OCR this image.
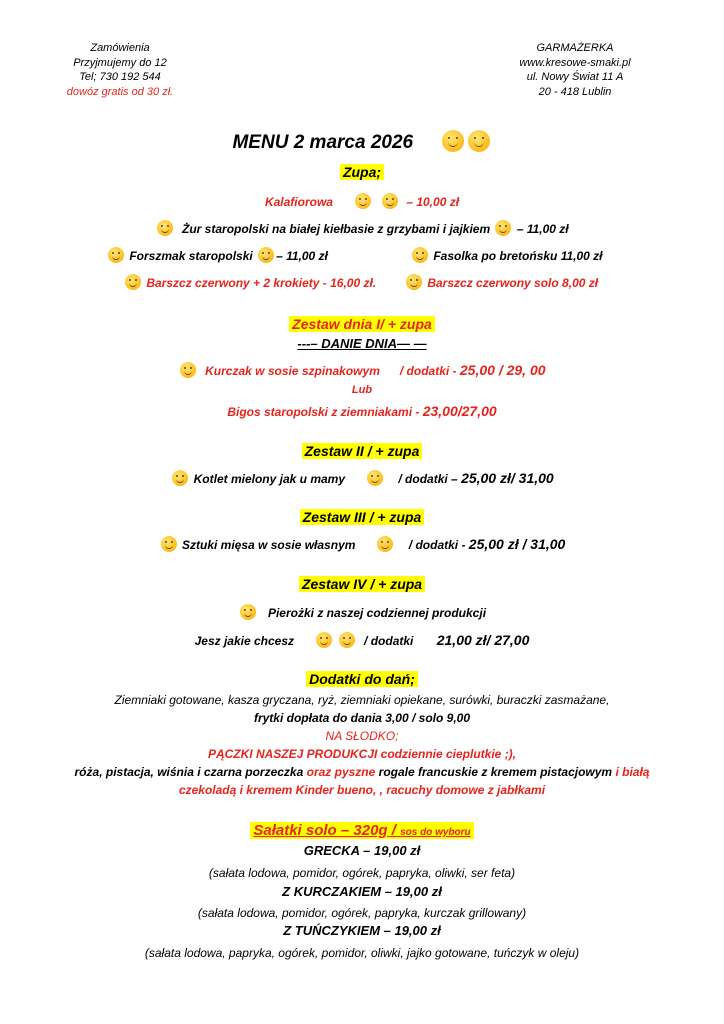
Zamówienia
Przyjmujemy do 12
Tel; 730 192 544
dowóz gratis od 30 zł.
GARMAŻERKA
www.kresowe-smaki.pl
ul. Nowy Świat 11 A
20 - 418 Lublin
MENU 2 marca 2026
Zupa;
Kalafiorowa	– 10,00 zł
Żur staropolski na białej kiełbasie z grzybami i jajkiem – 11,00 zł
Forszmak staropolski – 11,00 zł	Fasolka po bretońsku 11,00 zł
Barszcz czerwony + 2 krokiety - 16,00 zł.	Barszcz czerwony solo 8,00 zł
Zestaw dnia I/ + zupa
---– DANIE DNIA— —
Kurczak w sosie szpinakowym / dodatki - 25,00 / 29, 00
Lub
Bigos staropolski z ziemniakami - 23,00/27,00
Zestaw II / + zupa
Kotlet mielony jak u mamy	/ dodatki – 25,00 zł/ 31,00
Zestaw III / + zupa
Sztuki mięsa w sosie własnym	/ dodatki - 25,00 zł / 31,00
Zestaw IV / + zupa
Pierożki z naszej codziennej produkcji
Jesz jakie chcesz	/ dodatki 21,00 zł/ 27,00
Dodatki do dań;
Ziemniaki gotowane, kasza gryczana, ryż, ziemniaki opiekane, surówki, buraczki zasmażane,
frytki dopłata do dania 3,00 / solo 9,00
NA SŁODKO;
PĄCZKI NASZEJ PRODUKCJI codziennie cieplutkie ;),
róża, pistacja, wiśnia i czarna porzeczka oraz pyszne rogale francuskie z kremem pistacjowym i białą
czekoladą i kremem Kinder bueno, , racuchy domowe z jabłkami
Sałatki solo – 320g / sos do wyboru
GRECKA – 19,00 zł
(sałata lodowa, pomidor, ogórek, papryka, oliwki, ser feta)
Z KURCZAKIEM – 19,00 zł
(sałata lodowa, pomidor, ogórek, papryka, kurczak grillowany)
Z TUŃCZYKIEM – 19,00 zł
(sałata lodowa, papryka, ogórek, pomidor, oliwki, jajko gotowane, tuńczyk w oleju)
